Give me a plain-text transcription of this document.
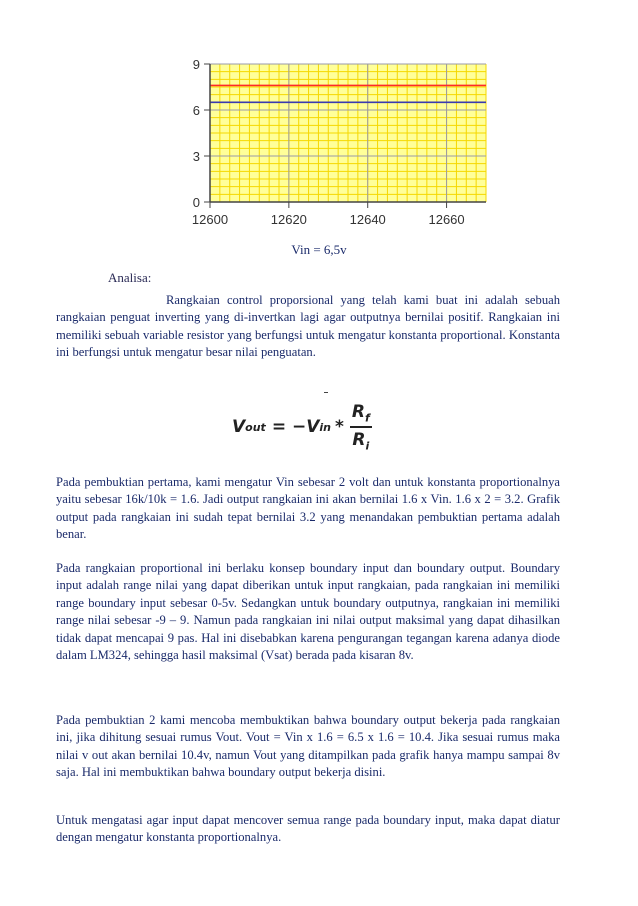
0
3
6
9
12600	12620	12640	12660
Vin = 6,5v
Analisa:

Rangkaian control proporsional yang telah kami buat ini adalah sebuah rangkaian penguat inverting yang di-invertkan lagi agar outputnya bernilai positif. Rangkaian ini memiliki sebuah variable resistor yang berfungsi untuk mengatur konstanta proportional. Konstanta ini berfungsi untuk mengatur besar nilai penguatan.

V out = −V in * $\frac{R_f}{R_i}$

Pada pembuktian pertama, kami mengatur Vin sebesar 2 volt dan untuk konstanta proportionalnya yaitu sebesar 16k/10k = 1.6. Jadi output rangkaian ini akan bernilai 1.6 x Vin. 1.6 x 2 = 3.2. Grafik output pada rangkaian ini sudah tepat bernilai 3.2 yang menandakan pembuktian pertama adalah benar.

Pada rangkaian proportional ini berlaku konsep boundary input dan boundary output. Boundary input adalah range nilai yang dapat diberikan untuk input rangkaian, pada rangkaian ini memiliki range boundary input sebesar 0-5v. Sedangkan untuk boundary outputnya, rangkaian ini memiliki range nilai sebesar -9 – 9. Namun pada rangkaian ini nilai output maksimal yang dapat dihasilkan tidak dapat mencapai 9 pas. Hal ini disebabkan karena pengurangan tegangan karena adanya diode dalam LM324, sehingga hasil maksimal (Vsat) berada pada kisaran 8v.

Pada pembuktian 2 kami mencoba membuktikan bahwa boundary output bekerja pada rangkaian ini, jika dihitung sesuai rumus Vout. Vout = Vin x 1.6 = 6.5 x 1.6 = 10.4. Jika sesuai rumus maka nilai v out akan bernilai 10.4v, namun Vout yang ditampilkan pada grafik hanya mampu sampai 8v saja. Hal ini membuktikan bahwa boundary output bekerja disini.

Untuk mengatasi agar input dapat mencover semua range pada boundary input, maka dapat diatur dengan mengatur konstanta proportionalnya.
